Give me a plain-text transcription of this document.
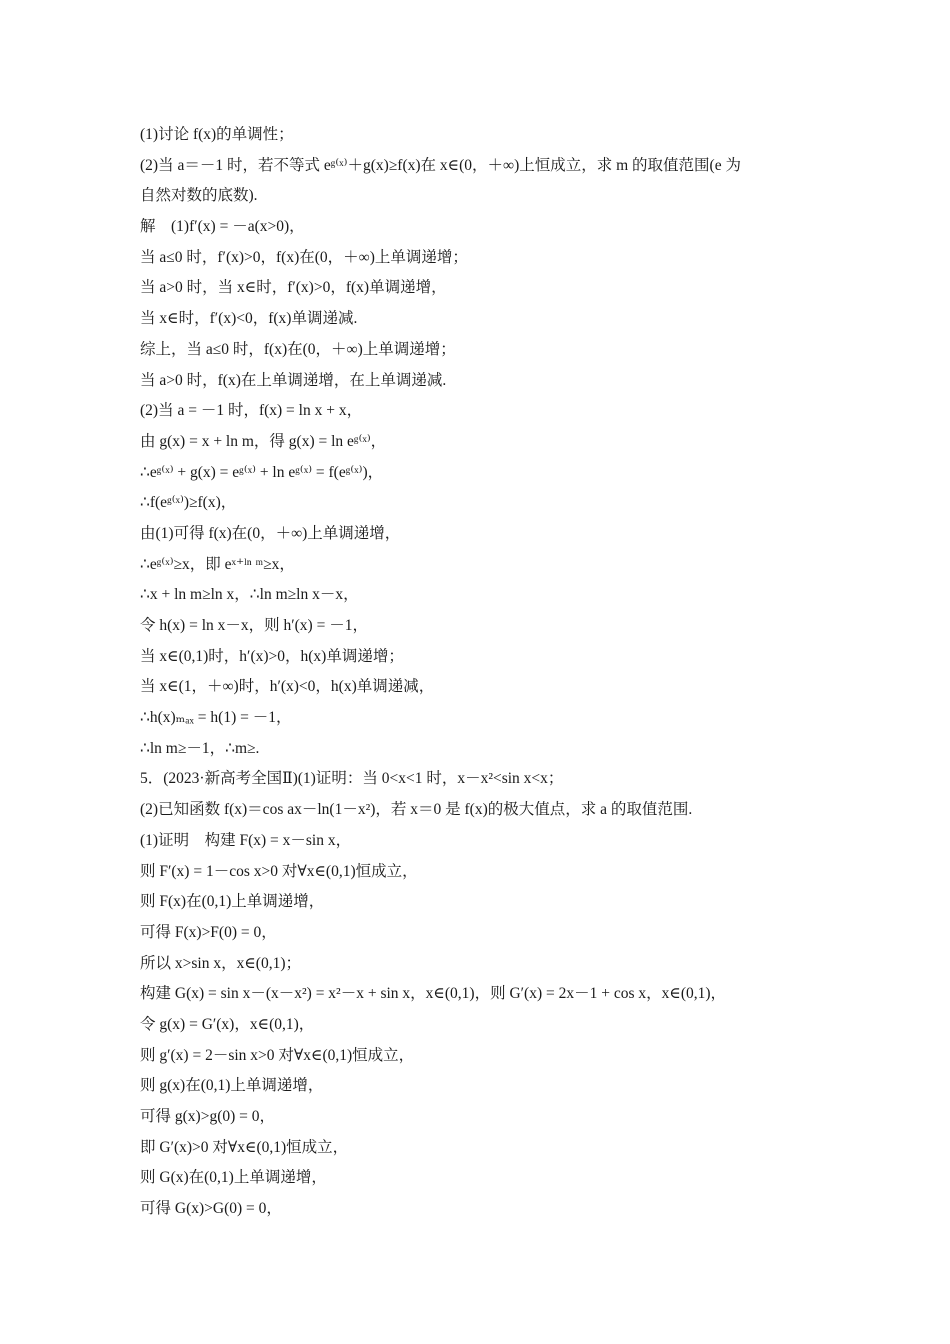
(1)讨论 f(x)的单调性；
(2)当 a＝－1 时，若不等式 eᵍ⁽ˣ⁾＋g(x)≥f(x)在 x∈(0，＋∞)上恒成立，求 m 的取值范围(e 为
自然对数的底数).
解　(1)f′(x) = －a(x>0)，
当 a≤0 时，f′(x)>0，f(x)在(0，＋∞)上单调递增；
当 a>0 时，当 x∈时，f′(x)>0，f(x)单调递增，
当 x∈时，f′(x)<0，f(x)单调递减.
综上，当 a≤0 时，f(x)在(0，＋∞)上单调递增；
当 a>0 时，f(x)在上单调递增，在上单调递减.
(2)当 a = －1 时，f(x) = ln x + x，
由 g(x) = x + ln m，得 g(x) = ln eᵍ⁽ˣ⁾，
∴eᵍ⁽ˣ⁾ + g(x) = eᵍ⁽ˣ⁾ + ln eᵍ⁽ˣ⁾ = f(eᵍ⁽ˣ⁾)，
∴f(eᵍ⁽ˣ⁾)≥f(x)，
由(1)可得 f(x)在(0，＋∞)上单调递增，
∴eᵍ⁽ˣ⁾≥x，即 eˣ⁺ˡⁿ ᵐ≥x，
∴x + ln m≥ln x，∴ln m≥ln x－x，
令 h(x) = ln x－x，则 h′(x) = －1，
当 x∈(0,1)时，h′(x)>0，h(x)单调递增；
当 x∈(1，＋∞)时，h′(x)<0，h(x)单调递减，
∴h(x)ₘₐₓ = h(1) = －1，
∴ln m≥－1，∴m≥.
5．(2023·新高考全国Ⅱ)(1)证明：当 0<x<1 时，x－x²<sin x<x；
(2)已知函数 f(x)＝cos ax－ln(1－x²)，若 x＝0 是 f(x)的极大值点，求 a 的取值范围.
(1)证明　构建 F(x) = x－sin x，
则 F′(x) = 1－cos x>0 对∀x∈(0,1)恒成立，
则 F(x)在(0,1)上单调递增，
可得 F(x)>F(0) = 0，
所以 x>sin x，x∈(0,1)；
构建 G(x) = sin x－(x－x²) = x²－x + sin x，x∈(0,1)，则 G′(x) = 2x－1 + cos x，x∈(0,1)，
令 g(x) = G′(x)，x∈(0,1)，
则 g′(x) = 2－sin x>0 对∀x∈(0,1)恒成立，
则 g(x)在(0,1)上单调递增，
可得 g(x)>g(0) = 0，
即 G′(x)>0 对∀x∈(0,1)恒成立，
则 G(x)在(0,1)上单调递增，
可得 G(x)>G(0) = 0，
